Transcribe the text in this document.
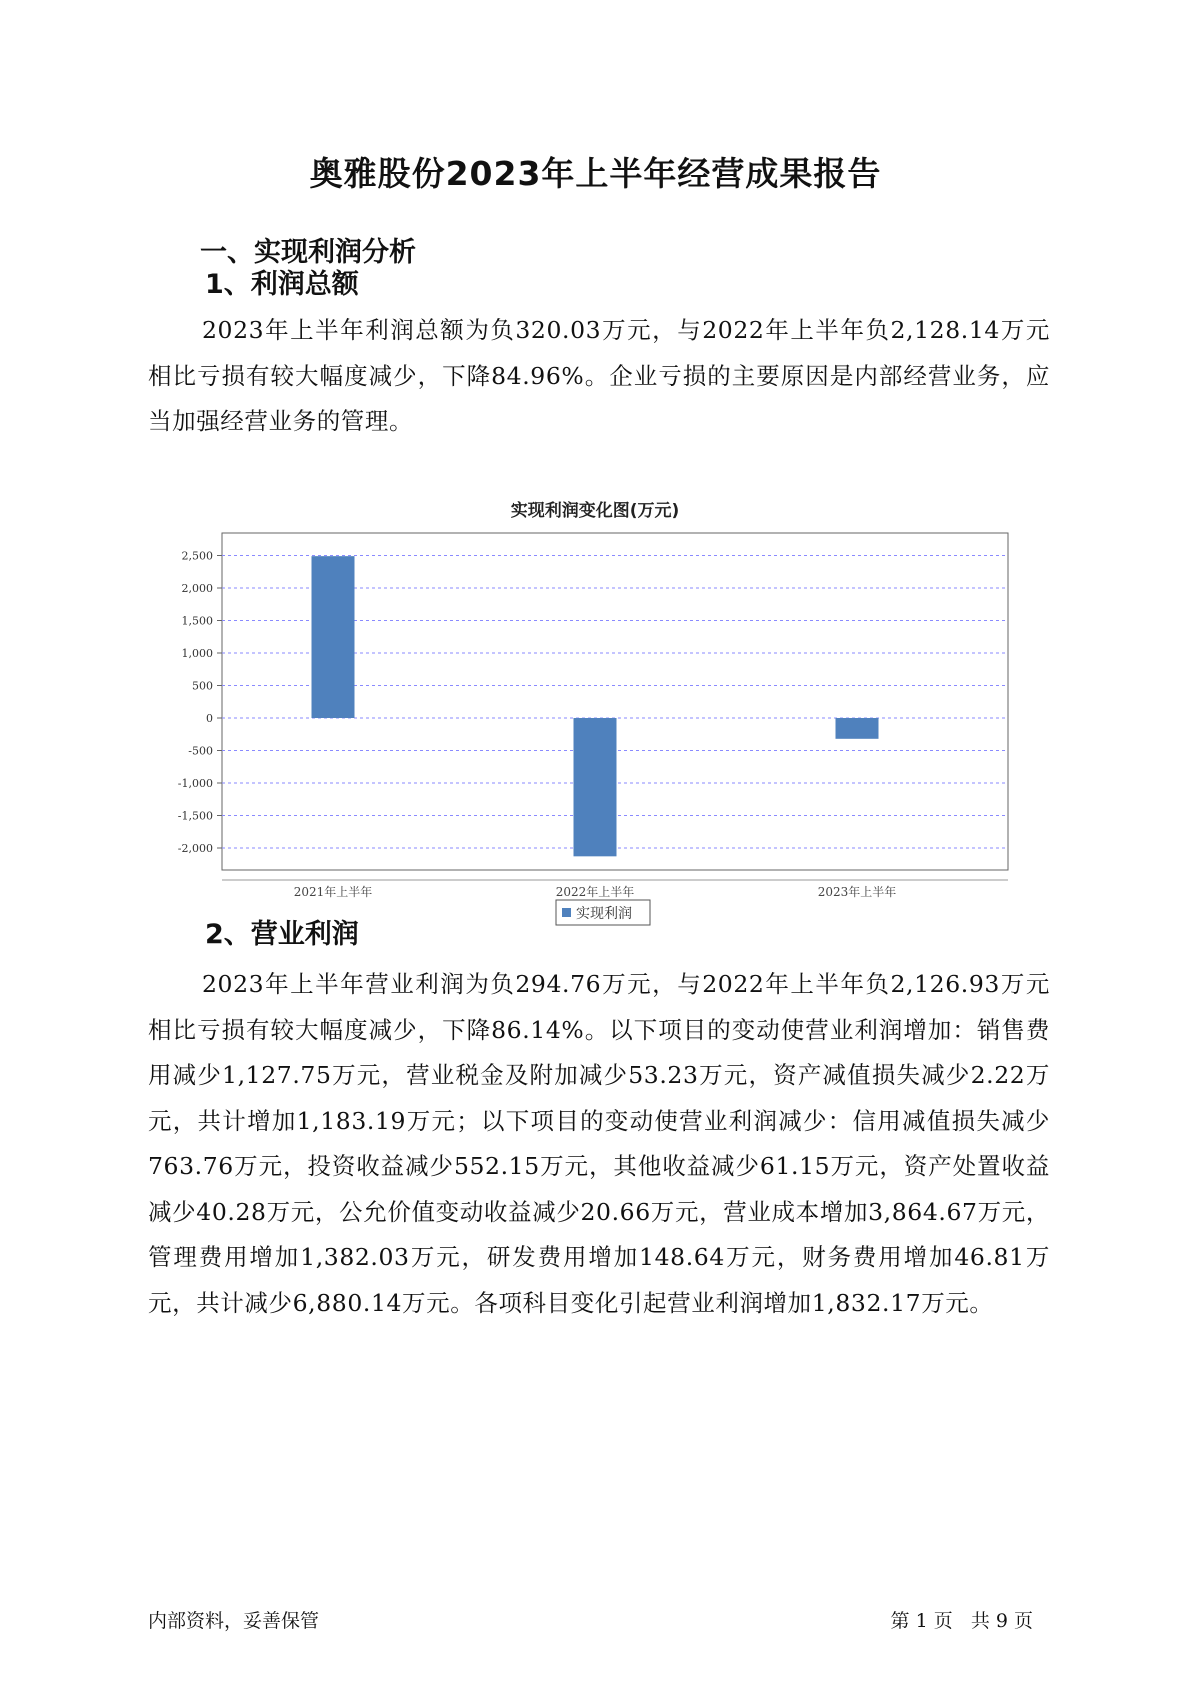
奥雅股份2023年上半年经营成果报告
一、实现利润分析
1、利润总额
2023年上半年利润总额为负320.03万元，与2022年上半年负2,128.14万元相比亏损有较大幅度减少，下降84.96%。企业亏损的主要原因是内部经营业务，应当加强经营业务的管理。
实现利润变化图(万元)
2,500
2,000
1,500
1,000
500
0
-500
-1,000
-1,500
-2,000
2021年上半年	2022年上半年	2023年上半年
实现利润
2、营业利润
2023年上半年营业利润为负294.76万元，与2022年上半年负2,126.93万元相比亏损有较大幅度减少，下降86.14%。以下项目的变动使营业利润增加：销售费用减少1,127.75万元，营业税金及附加减少53.23万元，资产减值损失减少2.22万元，共计增加1,183.19万元；以下项目的变动使营业利润减少：信用减值损失减少763.76万元，投资收益减少552.15万元，其他收益减少61.15万元，资产处置收益减少40.28万元，公允价值变动收益减少20.66万元，营业成本增加3,864.67万元，管理费用增加1,382.03万元，研发费用增加148.64万元，财务费用增加46.81万元，共计减少6,880.14万元。各项科目变化引起营业利润增加1,832.17万元。
内部资料，妥善保管	第 1 页   共 9 页
